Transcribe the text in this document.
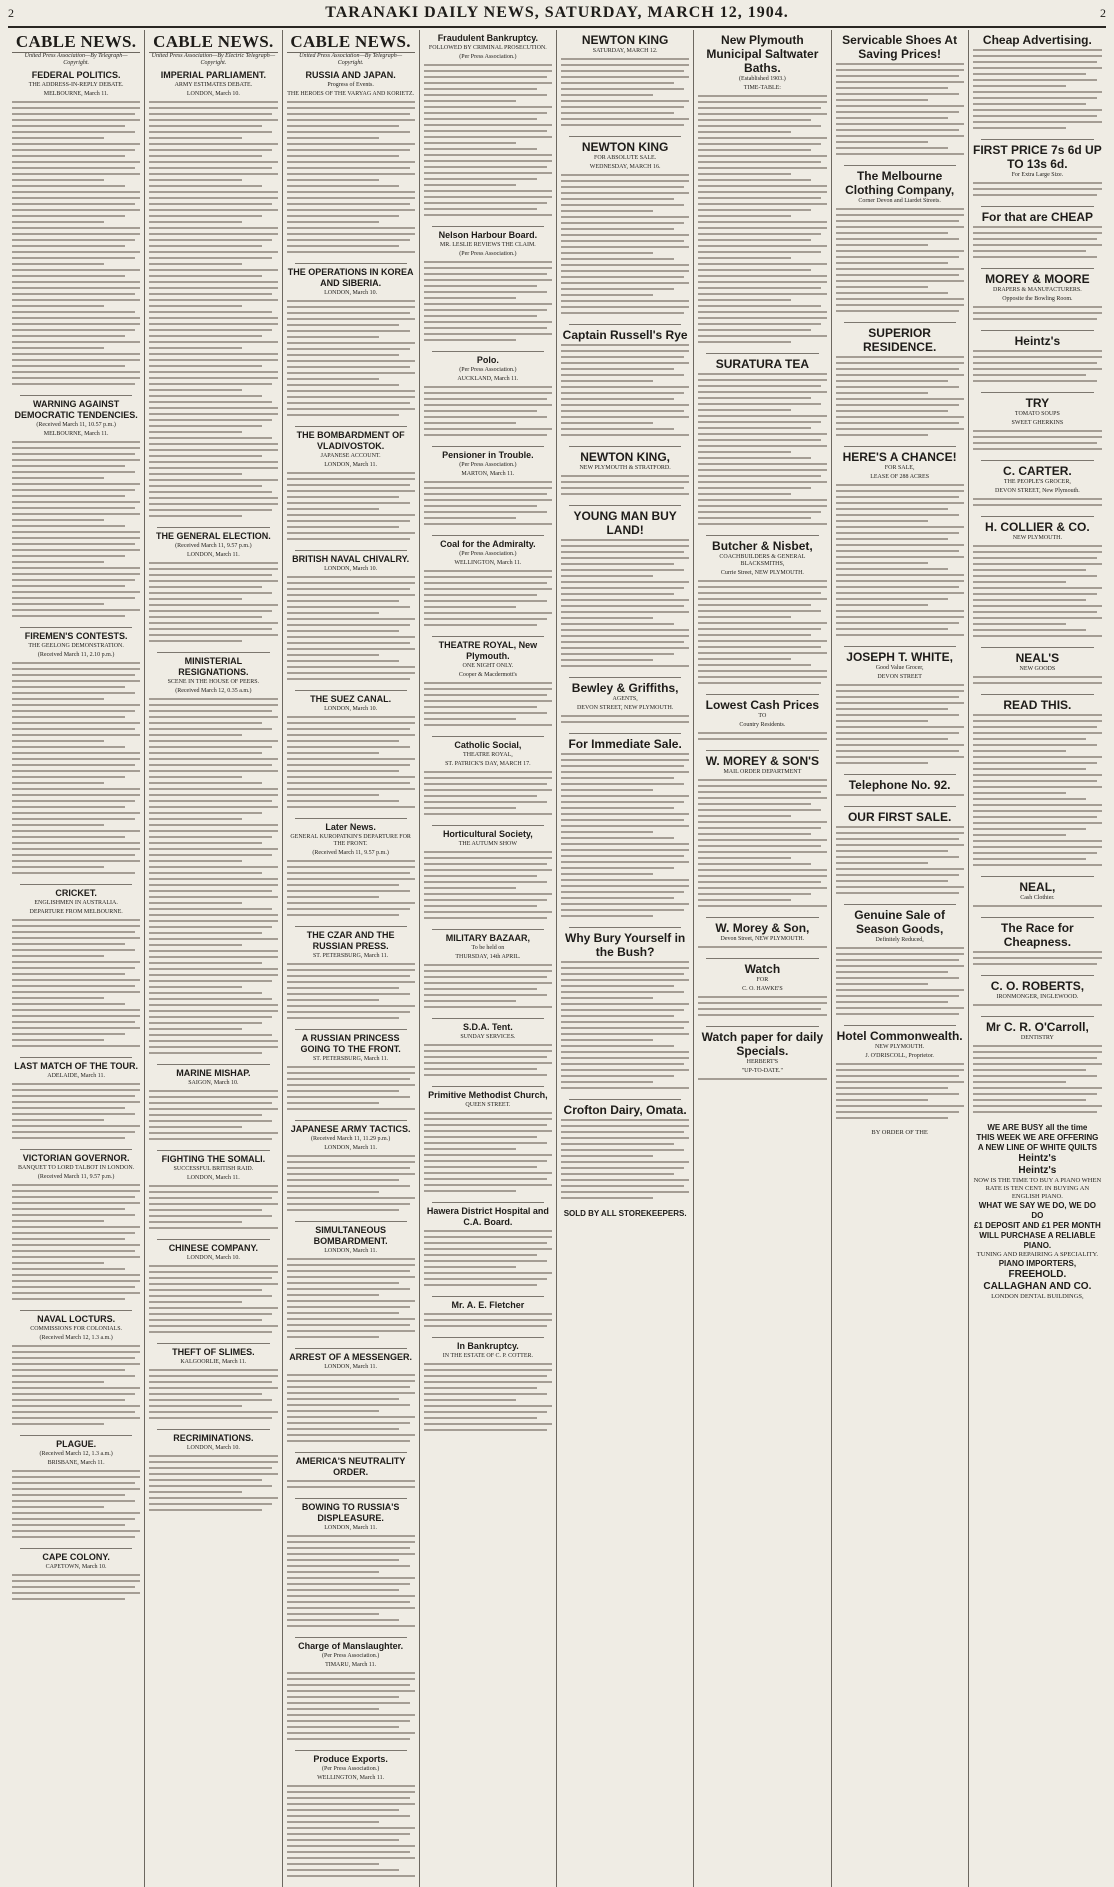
2	TARANAKI DAILY NEWS, SATURDAY, MARCH 12, 1904.	2
CABLE NEWS.
United Press Association—By Telegraph—Copyright.
FEDERAL POLITICS.
THE ADDRESS-IN-REPLY DEBATE.
MELBOURNE, March 11.
WARNING AGAINST DEMOCRATIC TENDENCIES.
(Received March 11, 10.57 p.m.)
MELBOURNE, March 11.
FIREMEN'S CONTESTS.
THE GEELONG DEMONSTRATION.
(Received March 11, 2.10 p.m.)
CRICKET.
ENGLISHMEN IN AUSTRALIA.
DEPARTURE FROM MELBOURNE.
LAST MATCH OF THE TOUR.
ADELAIDE, March 11.
VICTORIAN GOVERNOR.
BANQUET TO LORD TALBOT IN LONDON.
(Received March 11, 9.57 p.m.)
NAVAL LOCTURS.
COMMISSIONS FOR COLONIALS.
(Received March 12, 1.3 a.m.)
PLAGUE.
(Received March 12, 1.3 a.m.)
BRISBANE, March 11.
CAPE COLONY.
CAPETOWN, March 10.
CABLE NEWS.
United Press Association—By Electric Telegraph—Copyright.
IMPERIAL PARLIAMENT.
ARMY ESTIMATES DEBATE.
LONDON, March 10.
THE GENERAL ELECTION.
(Received March 11, 9.57 p.m.)
LONDON, March 11.
MINISTERIAL RESIGNATIONS.
SCENE IN THE HOUSE OF PEERS.
(Received March 12, 0.35 a.m.)
MARINE MISHAP.
SAIGON, March 10.
FIGHTING THE SOMALI.
SUCCESSFUL BRITISH RAID.
LONDON, March 11.
CHINESE COMPANY.
LONDON, March 10.
THEFT OF SLIMES.
KALGOORLIE, March 11.
RECRIMINATIONS.
LONDON, March 10.
CABLE NEWS.
United Press Association—By Telegraph—Copyright.
RUSSIA AND JAPAN.
Progress of Events.
THE HEROES OF THE VARYAG AND KORIETZ.
THE OPERATIONS IN KOREA AND SIBERIA.
LONDON, March 10.
THE BOMBARDMENT OF VLADIVOSTOK.
JAPANESE ACCOUNT.
LONDON, March 11.
BRITISH NAVAL CHIVALRY.
LONDON, March 10.
THE SUEZ CANAL.
LONDON, March 10.
Later News.
GENERAL KUROPATKIN'S DEPARTURE FOR THE FRONT.
(Received March 11, 9.57 p.m.)
THE CZAR AND THE RUSSIAN PRESS.
ST. PETERSBURG, March 11.
A RUSSIAN PRINCESS GOING TO THE FRONT.
ST. PETERSBURG, March 11.
JAPANESE ARMY TACTICS.
(Received March 11, 11.29 p.m.)
LONDON, March 11.
SIMULTANEOUS BOMBARDMENT.
LONDON, March 11.
ARREST OF A MESSENGER.
LONDON, March 11.
AMERICA'S NEUTRALITY ORDER.
BOWING TO RUSSIA'S DISPLEASURE.
LONDON, March 11.
Charge of Manslaughter.
(Per Press Association.)
TIMARU, March 11.
Produce Exports.
(Per Press Association.)
WELLINGTON, March 11.
Fraudulent Bankruptcy.
FOLLOWED BY CRIMINAL PROSECUTION.
(Per Press Association.)
Nelson Harbour Board.
MR. LESLIE REVIEWS THE CLAIM.
(Per Press Association.)
Polo.
(Per Press Association.)
AUCKLAND, March 11.
Pensioner in Trouble.
(Per Press Association.)
MARTON, March 11.
Coal for the Admiralty.
(Per Press Association.)
WELLINGTON, March 11.
THEATRE ROYAL, New Plymouth.
ONE NIGHT ONLY.
Cooper & Macdermott's
Catholic Social,
THEATRE ROYAL,
ST. PATRICK'S DAY, MARCH 17.
Horticultural Society,
THE AUTUMN SHOW
MILITARY BAZAAR,
To be held on
THURSDAY, 14th APRIL.
S.D.A. Tent.
SUNDAY SERVICES.
Primitive Methodist Church,
QUEEN STREET.
Hawera District Hospital and C.A. Board.
Mr. A. E. Fletcher
In Bankruptcy.
IN THE ESTATE OF C. P. COTTER.
NEWTON KING
SATURDAY, MARCH 12.
NEWTON KING
FOR ABSOLUTE SALE.
WEDNESDAY, MARCH 16.
Captain Russell's Rye
NEWTON KING,
NEW PLYMOUTH & STRATFORD.
YOUNG MAN BUY LAND!
Bewley & Griffiths,
AGENTS,
DEVON STREET, NEW PLYMOUTH.
For Immediate Sale.
Why Bury Yourself in the Bush?
Crofton Dairy, Omata.
SOLD BY ALL STOREKEEPERS.
New Plymouth Municipal Saltwater Baths.
(Established 1903.)
TIME-TABLE:
SURATURA TEA
Butcher & Nisbet,
COACHBUILDERS & GENERAL BLACKSMITHS,
Currie Street, NEW PLYMOUTH.
Lowest Cash Prices
TO
Country Residents.
W. MOREY & SON'S
MAIL ORDER DEPARTMENT
W. Morey & Son,
Devon Street, NEW PLYMOUTH.
Watch
FOR
C. O. HAWKE'S
Watch paper for daily Specials.
HERBERT'S
"UP-TO-DATE."
Servicable Shoes At Saving Prices!
The Melbourne Clothing Company,
Corner Devon and Liardet Streets.
SUPERIOR RESIDENCE.
HERE'S A CHANCE!
FOR SALE,
LEASE OF 288 ACRES
JOSEPH T. WHITE,
Good Value Grocer,
DEVON STREET
Telephone No. 92.
OUR FIRST SALE.
Genuine Sale of Season Goods,
Definitely Reduced,
Hotel Commonwealth.
NEW PLYMOUTH.
J. O'DRISCOLL, Proprietor.
BY ORDER OF THE
Cheap Advertising.
FIRST PRICE 7s 6d UP TO 13s 6d.
For Extra Large Size.
For that are CHEAP
MOREY & MOORE
DRAPERS & MANUFACTURERS.
Opposite the Bowling Room.
Heintz's
TRY
TOMATO SOUPS
SWEET GHERKINS
C. CARTER.
THE PEOPLE'S GROCER,
DEVON STREET, New Plymouth.
H. COLLIER & CO.
NEW PLYMOUTH.
NEAL'S
NEW GOODS
READ THIS.
NEAL,
Cash Clothier.
The Race for Cheapness.
C. O. ROBERTS,
IRONMONGER, INGLEWOOD.
Mr C. R. O'Carroll,
DENTISTRY
WE ARE BUSY all the time
THIS WEEK WE ARE OFFERING A NEW LINE OF WHITE QUILTS
Heintz's
Heintz's
NOW IS THE TIME TO BUY A PIANO WHEN RATE IS TEN CENT. IN BUYING AN ENGLISH PIANO.
WHAT WE SAY WE DO, WE DO DO
£1 DEPOSIT AND £1 PER MONTH WILL PURCHASE A RELIABLE PIANO.
TUNING AND REPAIRING A SPECIALITY.
PIANO IMPORTERS,
FREEHOLD.
CALLAGHAN AND CO.
LONDON DENTAL BUILDINGS,
